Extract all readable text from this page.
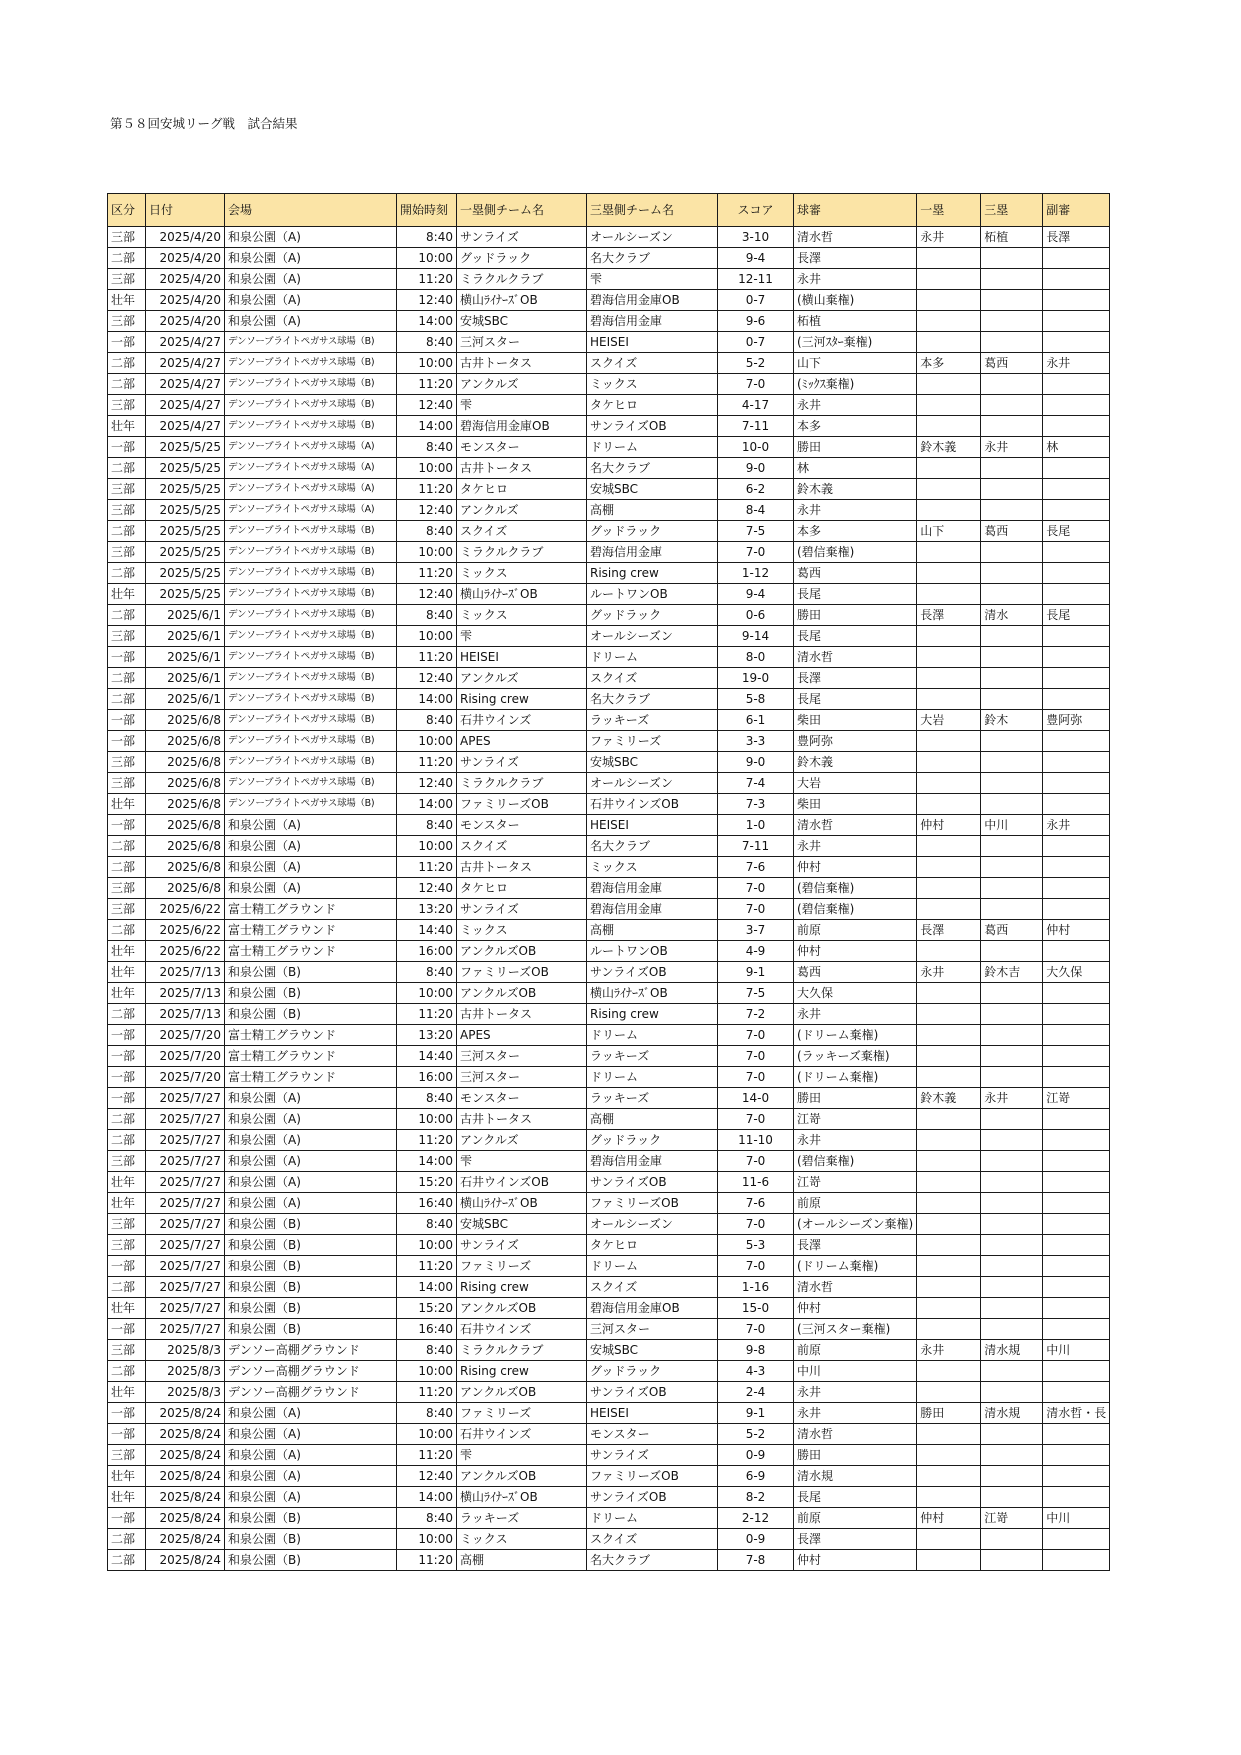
第５８回安城リーグ戦　試合結果
区分	日付	会場	開始時刻	一塁側チーム名	三塁側チーム名	スコア	球審	一塁	三塁	副審
三部	2025/4/20	和泉公園（A)	8:40	サンライズ	オールシーズン	3-10	清水哲	永井	柘植	長澤
二部	2025/4/20	和泉公園（A)	10:00	グッドラック	名大クラブ	9-4	長澤			
三部	2025/4/20	和泉公園（A)	11:20	ミラクルクラブ	雫	12-11	永井			
壮年	2025/4/20	和泉公園（A)	12:40	横山ﾗｲﾅｰｽﾞOB	碧海信用金庫OB	0-7	(横山棄権)			
三部	2025/4/20	和泉公園（A)	14:00	安城SBC	碧海信用金庫	9-6	柘植			
一部	2025/4/27	デンソーブライトペガサス球場（B)	8:40	三河スター	HEISEI	0-7	(三河ｽﾀｰ棄権)			
二部	2025/4/27	デンソーブライトペガサス球場（B)	10:00	古井トータス	スクイズ	5-2	山下	本多	葛西	永井
二部	2025/4/27	デンソーブライトペガサス球場（B)	11:20	アンクルズ	ミックス	7-0	(ﾐｯｸｽ棄権)			
三部	2025/4/27	デンソーブライトペガサス球場（B)	12:40	雫	タケヒロ	4-17	永井			
壮年	2025/4/27	デンソーブライトペガサス球場（B)	14:00	碧海信用金庫OB	サンライズOB	7-11	本多			
一部	2025/5/25	デンソーブライトペガサス球場（A)	8:40	モンスター	ドリーム	10-0	勝田	鈴木義	永井	林
二部	2025/5/25	デンソーブライトペガサス球場（A)	10:00	古井トータス	名大クラブ	9-0	林			
三部	2025/5/25	デンソーブライトペガサス球場（A)	11:20	タケヒロ	安城SBC	6-2	鈴木義			
三部	2025/5/25	デンソーブライトペガサス球場（A)	12:40	アンクルズ	高棚	8-4	永井			
二部	2025/5/25	デンソーブライトペガサス球場（B)	8:40	スクイズ	グッドラック	7-5	本多	山下	葛西	長尾
三部	2025/5/25	デンソーブライトペガサス球場（B)	10:00	ミラクルクラブ	碧海信用金庫	7-0	(碧信棄権)			
二部	2025/5/25	デンソーブライトペガサス球場（B)	11:20	ミックス	Rising crew	1-12	葛西			
壮年	2025/5/25	デンソーブライトペガサス球場（B)	12:40	横山ﾗｲﾅｰｽﾞOB	ルートワンOB	9-4	長尾			
二部	2025/6/1	デンソーブライトペガサス球場（B)	8:40	ミックス	グッドラック	0-6	勝田	長澤	清水	長尾
三部	2025/6/1	デンソーブライトペガサス球場（B)	10:00	雫	オールシーズン	9-14	長尾			
一部	2025/6/1	デンソーブライトペガサス球場（B)	11:20	HEISEI	ドリーム	8-0	清水哲			
二部	2025/6/1	デンソーブライトペガサス球場（B)	12:40	アンクルズ	スクイズ	19-0	長澤			
二部	2025/6/1	デンソーブライトペガサス球場（B)	14:00	Rising crew	名大クラブ	5-8	長尾			
一部	2025/6/8	デンソーブライトペガサス球場（B)	8:40	石井ウインズ	ラッキーズ	6-1	柴田	大岩	鈴木	豊阿弥
一部	2025/6/8	デンソーブライトペガサス球場（B)	10:00	APES	ファミリーズ	3-3	豊阿弥			
三部	2025/6/8	デンソーブライトペガサス球場（B)	11:20	サンライズ	安城SBC	9-0	鈴木義			
三部	2025/6/8	デンソーブライトペガサス球場（B)	12:40	ミラクルクラブ	オールシーズン	7-4	大岩			
壮年	2025/6/8	デンソーブライトペガサス球場（B)	14:00	ファミリーズOB	石井ウインズOB	7-3	柴田			
一部	2025/6/8	和泉公園（A)	8:40	モンスター	HEISEI	1-0	清水哲	仲村	中川	永井
二部	2025/6/8	和泉公園（A)	10:00	スクイズ	名大クラブ	7-11	永井			
二部	2025/6/8	和泉公園（A)	11:20	古井トータス	ミックス	7-6	仲村			
三部	2025/6/8	和泉公園（A)	12:40	タケヒロ	碧海信用金庫	7-0	(碧信棄権)			
三部	2025/6/22	富士精工グラウンド	13:20	サンライズ	碧海信用金庫	7-0	(碧信棄権)			
二部	2025/6/22	富士精工グラウンド	14:40	ミックス	高棚	3-7	前原	長澤	葛西	仲村
壮年	2025/6/22	富士精工グラウンド	16:00	アンクルズOB	ルートワンOB	4-9	仲村			
壮年	2025/7/13	和泉公園（B)	8:40	ファミリーズOB	サンライズOB	9-1	葛西	永井	鈴木吉	大久保
壮年	2025/7/13	和泉公園（B)	10:00	アンクルズOB	横山ﾗｲﾅｰｽﾞOB	7-5	大久保			
二部	2025/7/13	和泉公園（B)	11:20	古井トータス	Rising crew	7-2	永井			
一部	2025/7/20	富士精工グラウンド	13:20	APES	ドリーム	7-0	(ドリーム棄権)			
一部	2025/7/20	富士精工グラウンド	14:40	三河スター	ラッキーズ	7-0	(ラッキーズ棄権)			
一部	2025/7/20	富士精工グラウンド	16:00	三河スター	ドリーム	7-0	(ドリーム棄権)			
一部	2025/7/27	和泉公園（A)	8:40	モンスター	ラッキーズ	14-0	勝田	鈴木義	永井	江嵜
二部	2025/7/27	和泉公園（A)	10:00	古井トータス	高棚	7-0	江嵜			
二部	2025/7/27	和泉公園（A)	11:20	アンクルズ	グッドラック	11-10	永井			
三部	2025/7/27	和泉公園（A)	14:00	雫	碧海信用金庫	7-0	(碧信棄権)			
壮年	2025/7/27	和泉公園（A)	15:20	石井ウインズOB	サンライズOB	11-6	江嵜			
壮年	2025/7/27	和泉公園（A)	16:40	横山ﾗｲﾅｰｽﾞOB	ファミリーズOB	7-6	前原			
三部	2025/7/27	和泉公園（B)	8:40	安城SBC	オールシーズン	7-0	(オールシーズン棄権)			
三部	2025/7/27	和泉公園（B)	10:00	サンライズ	タケヒロ	5-3	長澤			
一部	2025/7/27	和泉公園（B)	11:20	ファミリーズ	ドリーム	7-0	(ドリーム棄権)			
二部	2025/7/27	和泉公園（B)	14:00	Rising crew	スクイズ	1-16	清水哲			
壮年	2025/7/27	和泉公園（B)	15:20	アンクルズOB	碧海信用金庫OB	15-0	仲村			
一部	2025/7/27	和泉公園（B)	16:40	石井ウインズ	三河スター	7-0	(三河スター棄権)			
三部	2025/8/3	デンソー高棚グラウンド	8:40	ミラクルクラブ	安城SBC	9-8	前原	永井	清水規	中川
二部	2025/8/3	デンソー高棚グラウンド	10:00	Rising crew	グッドラック	4-3	中川			
壮年	2025/8/3	デンソー高棚グラウンド	11:20	アンクルズOB	サンライズOB	2-4	永井			
一部	2025/8/24	和泉公園（A)	8:40	ファミリーズ	HEISEI	9-1	永井	勝田	清水規	清水哲・長
一部	2025/8/24	和泉公園（A)	10:00	石井ウインズ	モンスター	5-2	清水哲			
三部	2025/8/24	和泉公園（A)	11:20	雫	サンライズ	0-9	勝田			
壮年	2025/8/24	和泉公園（A)	12:40	アンクルズOB	ファミリーズOB	6-9	清水規			
壮年	2025/8/24	和泉公園（A)	14:00	横山ﾗｲﾅｰｽﾞOB	サンライズOB	8-2	長尾			
一部	2025/8/24	和泉公園（B)	8:40	ラッキーズ	ドリーム	2-12	前原	仲村	江嵜	中川
二部	2025/8/24	和泉公園（B)	10:00	ミックス	スクイズ	0-9	長澤			
二部	2025/8/24	和泉公園（B)	11:20	高棚	名大クラブ	7-8	仲村			
